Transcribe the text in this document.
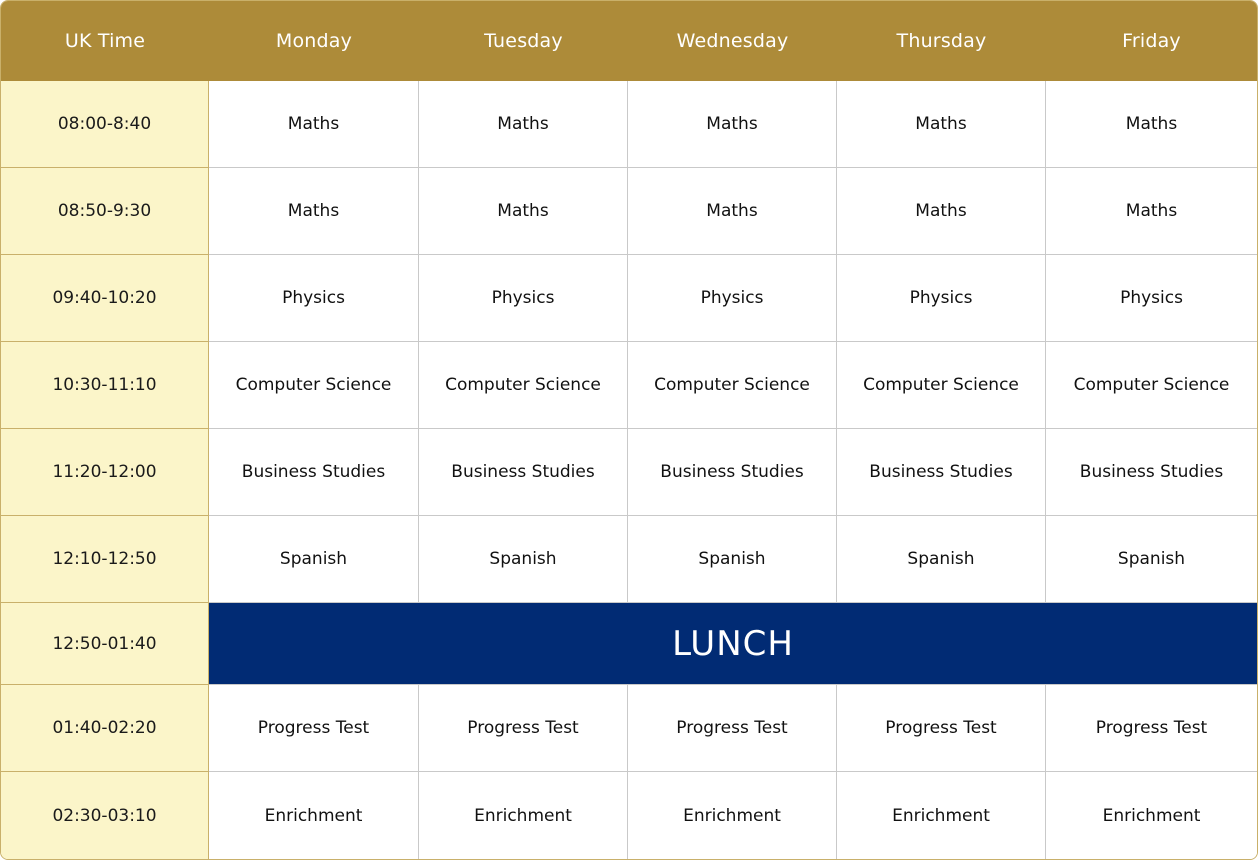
UK Time	Monday	Tuesday	Wednesday	Thursday	Friday
08:00-8:40	Maths	Maths	Maths	Maths	Maths
08:50-9:30	Maths	Maths	Maths	Maths	Maths
09:40-10:20	Physics	Physics	Physics	Physics	Physics
10:30-11:10	Computer Science	Computer Science	Computer Science	Computer Science	Computer Science
11:20-12:00	Business Studies	Business Studies	Business Studies	Business Studies	Business Studies
12:10-12:50	Spanish	Spanish	Spanish	Spanish	Spanish
12:50-01:40	LUNCH
01:40-02:20	Progress Test	Progress Test	Progress Test	Progress Test	Progress Test
02:30-03:10	Enrichment	Enrichment	Enrichment	Enrichment	Enrichment
